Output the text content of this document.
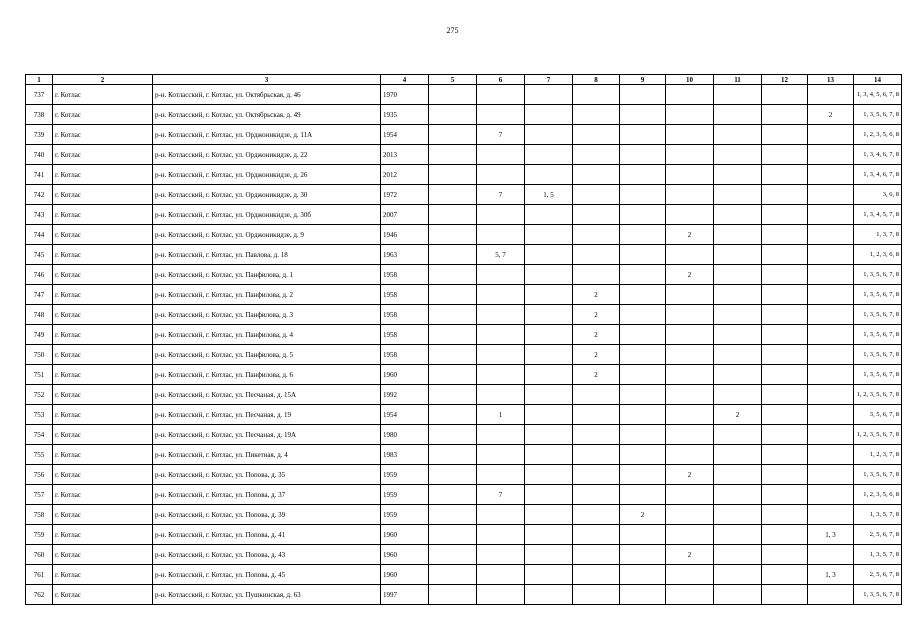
275
1	2	3	4	5	6	7	8	9	10	11	12	13	14
737	г. Котлас	р-н. Котласский, г. Котлас, ул. Октябрьская, д. 46	1970										1, 3, 4, 5, 6, 7, 8
738	г. Котлас	р-н. Котласский, г. Котлас, ул. Октябрьская, д. 49	1935									2	1, 3, 5, 6, 7, 8
739	г. Котлас	р-н. Котласский, г. Котлас, ул. Орджоникидзе, д. 11А	1954		7								1, 2, 3, 5, 6, 8
740	г. Котлас	р-н. Котласский, г. Котлас, ул. Орджоникидзе, д. 22	2013										1, 3, 4, 6, 7, 8
741	г. Котлас	р-н. Котласский, г. Котлас, ул. Орджоникидзе, д. 26	2012										1, 3, 4, 6, 7, 8
742	г. Котлас	р-н. Котласский, г. Котлас, ул. Орджоникидзе, д. 30	1972		7	1, 5							3, 6, 8
743	г. Котлас	р-н. Котласский, г. Котлас, ул. Орджоникидзе, д. 30б	2007										1, 3, 4, 5, 7, 8
744	г. Котлас	р-н. Котласский, г. Котлас, ул. Орджоникидзе, д. 9	1946						2				1, 3, 7, 8
745	г. Котлас	р-н. Котласский, г. Котлас, ул. Павлова, д. 18	1963		5, 7								1, 2, 3, 6, 8
746	г. Котлас	р-н. Котласский, г. Котлас, ул. Панфилова, д. 1	1958						2				1, 3, 5, 6, 7, 8
747	г. Котлас	р-н. Котласский, г. Котлас, ул. Панфилова, д. 2	1958				2						1, 3, 5, 6, 7, 8
748	г. Котлас	р-н. Котласский, г. Котлас, ул. Панфилова, д. 3	1958				2						1, 3, 5, 6, 7, 8
749	г. Котлас	р-н. Котласский, г. Котлас, ул. Панфилова, д. 4	1958				2						1, 3, 5, 6, 7, 8
750	г. Котлас	р-н. Котласский, г. Котлас, ул. Панфилова, д. 5	1958				2						1, 3, 5, 6, 7, 8
751	г. Котлас	р-н. Котласский, г. Котлас, ул. Панфилова, д. 6	1960				2						1, 3, 5, 6, 7, 8
752	г. Котлас	р-н. Котласский, г. Котлас, ул. Песчаная, д. 15А	1992										1, 2, 3, 5, 6, 7, 8
753	г. Котлас	р-н. Котласский, г. Котлас, ул. Песчаная, д. 19	1954		1					2			3, 5, 6, 7, 8
754	г. Котлас	р-н. Котласский, г. Котлас, ул. Песчаная, д. 19А	1980										1, 2, 3, 5, 6, 7, 8
755	г. Котлас	р-н. Котласский, г. Котлас, ул. Пикетная, д. 4	1983										1, 2, 3, 7, 8
756	г. Котлас	р-н. Котласский, г. Котлас, ул. Попова, д. 35	1959						2				1, 3, 5, 6, 7, 8
757	г. Котлас	р-н. Котласский, г. Котлас, ул. Попова, д. 37	1959		7								1, 2, 3, 5, 6, 8
758	г. Котлас	р-н. Котласский, г. Котлас, ул. Попова, д. 39	1959					2					1, 3, 5, 7, 8
759	г. Котлас	р-н. Котласский, г. Котлас, ул. Попова, д. 41	1960									1, 3	2, 5, 6, 7, 8
760	г. Котлас	р-н. Котласский, г. Котлас, ул. Попова, д. 43	1960						2				1, 3, 5, 7, 8
761	г. Котлас	р-н. Котласский, г. Котлас, ул. Попова, д. 45	1960									1, 3	2, 5, 6, 7, 8
762	г. Котлас	р-н. Котласский, г. Котлас, ул. Пушкинская, д. 63	1997										1, 3, 5, 6, 7, 8
